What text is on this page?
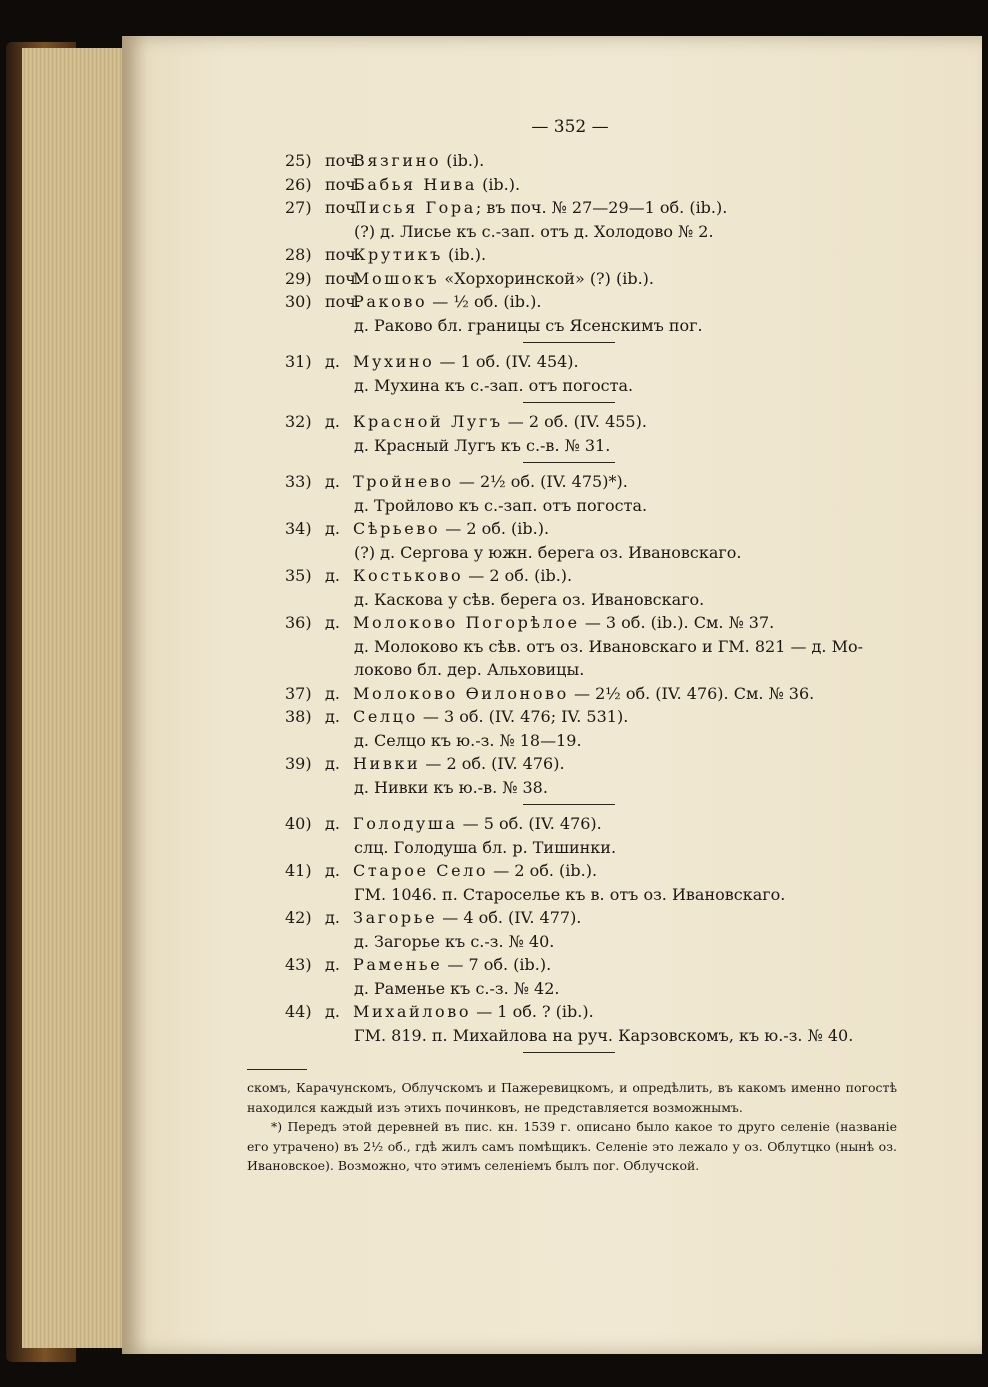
— 352 —
25) поч.Вязгино (ib.).
26) поч.Бабья Нива (ib.).
27) поч.Лисья Гора; въ поч. № 27—29—1 об. (ib.).
(?) д. Лисье къ с.-зап. отъ д. Холодово № 2.
28) поч.Крутикъ (ib.).
29) поч.Мошокъ «Хорхоринской» (?) (ib.).
30) поч.Раково — ½ об. (ib.).
д. Раково бл. границы съ Ясенскимъ пог.
31) д. Мухино — 1 об. (IV. 454).
д. Мухина къ с.-зап. отъ погоста.
32) д. Красной Лугъ — 2 об. (IV. 455).
д. Красный Лугъ къ с.-в. № 31.
33) д. Тройнево — 2½ об. (IV. 475)*).
д. Тройлово къ с.-зап. отъ погоста.
34) д. Сѣрьево — 2 об. (ib.).
(?) д. Сергова у южн. берега оз. Ивановскаго.
35) д. Костьково — 2 об. (ib.).
д. Каскова у сѣв. берега оз. Ивановскаго.
36) д. Молоково Погорѣлое — 3 об. (ib.). См. № 37.
д. Молоково къ сѣв. отъ оз. Ивановскаго и ГМ. 821 — д. Мо-
локово бл. дер. Альховицы.
37) д. Молоково Ѳилоново — 2½ об. (IV. 476). См. № 36.
38) д. Селцо — 3 об. (IV. 476; IV. 531).
д. Селцо къ ю.-з. № 18—19.
39) д. Нивки — 2 об. (IV. 476).
д. Нивки къ ю.-в. № 38.
40) д. Голодуша — 5 об. (IV. 476).
слц. Голодуша бл. р. Тишинки.
41) д. Старое Село — 2 об. (ib.).
ГМ. 1046. п. Староселье къ в. отъ оз. Ивановскаго.
42) д. Загорье — 4 об. (IV. 477).
д. Загорье къ с.-з. № 40.
43) д. Раменье — 7 об. (ib.).
д. Раменье къ с.-з. № 42.
44) д. Михайлово — 1 об. ? (ib.).
ГМ. 819. п. Михайлова на руч. Карзовскомъ, къ ю.-з. № 40.

скомъ, Карачунскомъ, Облучскомъ и Пажеревицкомъ, и опредѣлить, въ какомъ именно погостѣ находился каждый изъ этихъ починковъ, не представляется возможнымъ.

*) Передъ этой деревней въ пис. кн. 1539 г. описано было какое то друго селеніе (названіе его утрачено) въ 2½ об., гдѣ жилъ самъ помѣщикъ. Селеніе это лежало у оз. Облутцко (нынѣ оз. Ивановское). Возможно, что этимъ селеніемъ былъ пог. Облучской.
